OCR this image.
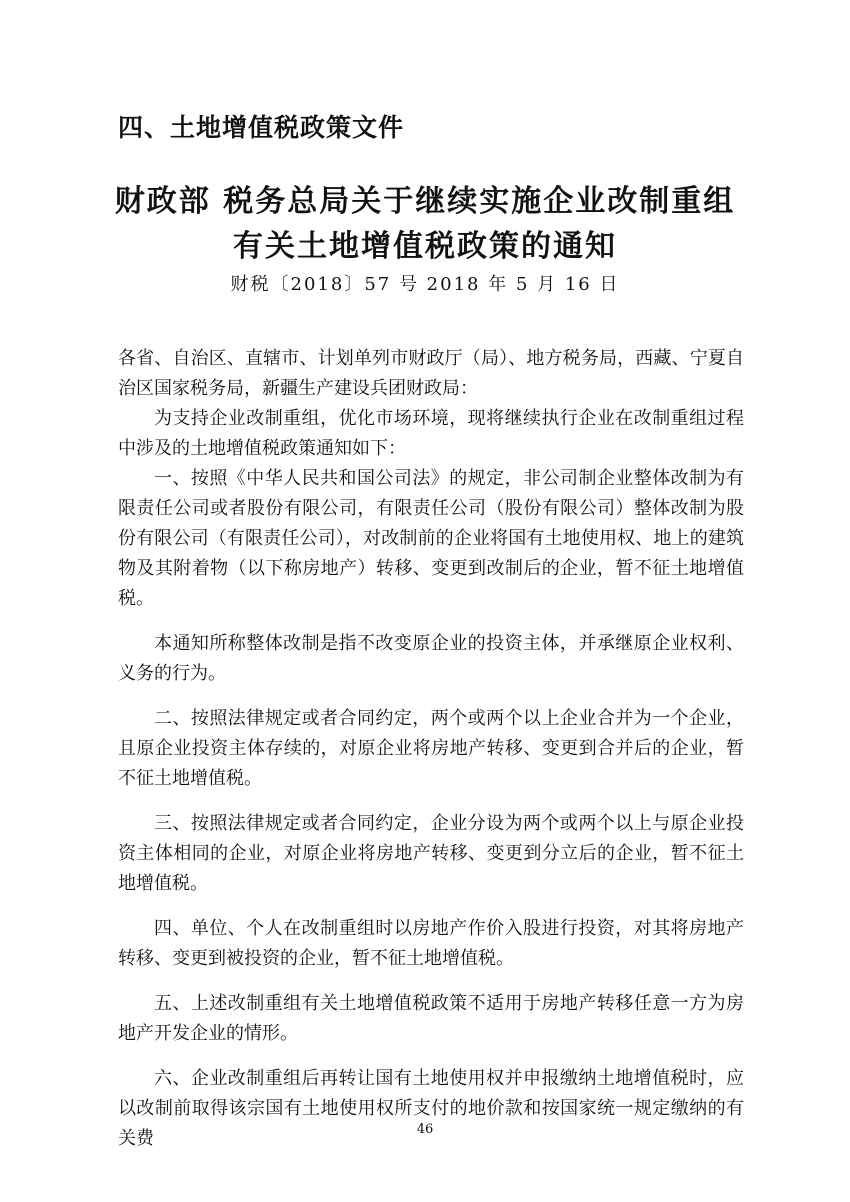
四、土地增值税政策文件
财政部 税务总局关于继续实施企业改制重组
有关土地增值税政策的通知
财税〔2018〕57 号 2018 年 5 月 16 日

各省、自治区、直辖市、计划单列市财政厅（局）、地方税务局，西藏、宁夏自治区国家税务局，新疆生产建设兵团财政局：

为支持企业改制重组，优化市场环境，现将继续执行企业在改制重组过程中涉及的土地增值税政策通知如下：

一、按照《中华人民共和国公司法》的规定，非公司制企业整体改制为有限责任公司或者股份有限公司，有限责任公司（股份有限公司）整体改制为股份有限公司（有限责任公司），对改制前的企业将国有土地使用权、地上的建筑物及其附着物（以下称房地产）转移、变更到改制后的企业，暂不征土地增值税。

本通知所称整体改制是指不改变原企业的投资主体，并承继原企业权利、义务的行为。

二、按照法律规定或者合同约定，两个或两个以上企业合并为一个企业，且原企业投资主体存续的，对原企业将房地产转移、变更到合并后的企业，暂不征土地增值税。

三、按照法律规定或者合同约定，企业分设为两个或两个以上与原企业投资主体相同的企业，对原企业将房地产转移、变更到分立后的企业，暂不征土地增值税。

四、单位、个人在改制重组时以房地产作价入股进行投资，对其将房地产转移、变更到被投资的企业，暂不征土地增值税。

五、上述改制重组有关土地增值税政策不适用于房地产转移任意一方为房地产开发企业的情形。

六、企业改制重组后再转让国有土地使用权并申报缴纳土地增值税时，应以改制前取得该宗国有土地使用权所支付的地价款和按国家统一规定缴纳的有关费	46
